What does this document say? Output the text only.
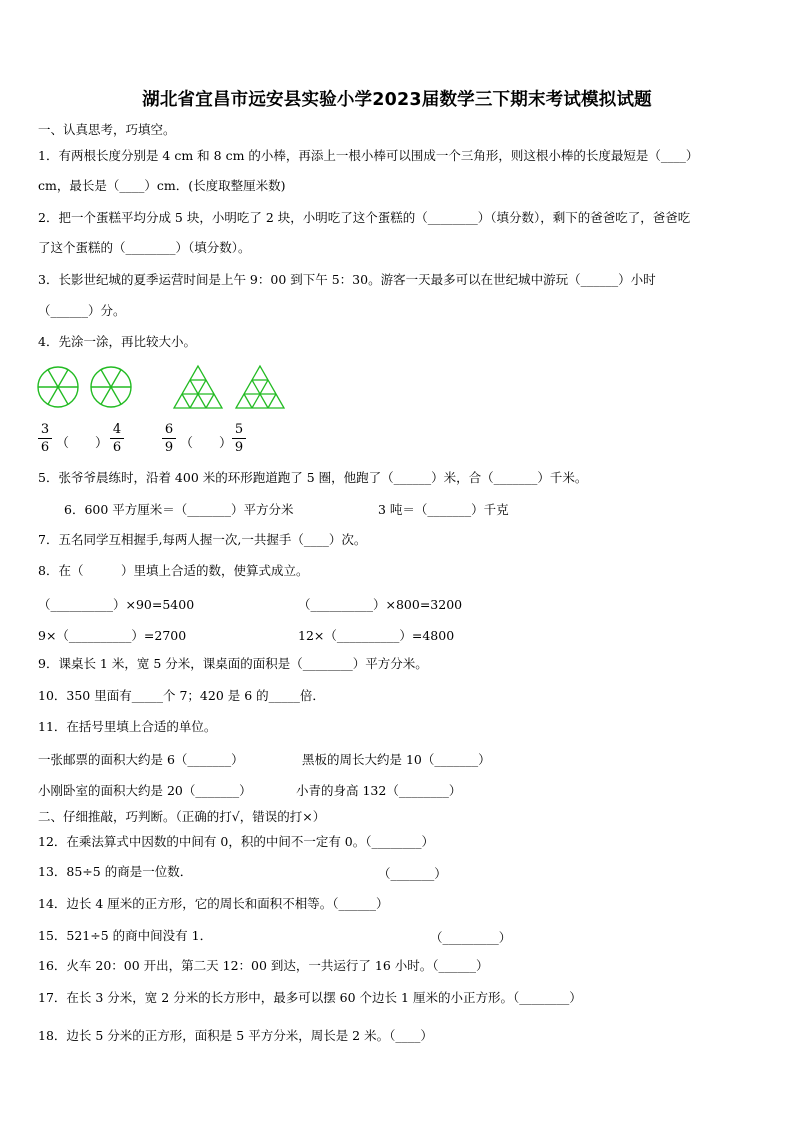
湖北省宜昌市远安县实验小学2023届数学三下期末考试模拟试题
一、认真思考，巧填空。
1．有两根长度分别是 4 cm 和 8 cm 的小棒，再添上一根小棒可以围成一个三角形，则这根小棒的长度最短是（____）
cm，最长是（____）cm．(长度取整厘米数)
2．把一个蛋糕平均分成 5 块，小明吃了 2 块，小明吃了这个蛋糕的（________）（填分数），剩下的爸爸吃了，爸爸吃
了这个蛋糕的（________）（填分数）。
3．长影世纪城的夏季运营时间是上午 9：00 到下午 5：30。游客一天最多可以在世纪城中游玩（______）小时
（______）分。
4．先涂一涂，再比较大小。
3
6 （　　）
4
6
6
9 （　　）
5
9
5．张爷爷晨练时，沿着 400 米的环形跑道跑了 5 圈，他跑了（______）米，合（_______）千米。
6．600 平方厘米＝（_______）平方分米	3 吨＝（_______）千克
7．五名同学互相握手,每两人握一次,一共握手（____）次。
8．在（　　　）里填上合适的数，使算式成立。
（__________）×90=5400	（__________）×800=3200
9×（__________）=2700	12×（__________）=4800
9．课桌长 1 米，宽 5 分米，课桌面的面积是（________）平方分米。
10．350 里面有_____个 7；420 是 6 的_____倍．
11．在括号里填上合适的单位。
一张邮票的面积大约是 6（_______）	黑板的周长大约是 10（_______）
小刚卧室的面积大约是 20（_______）	小青的身高 132（________）
二、仔细推敲，巧判断。（正确的打√，错误的打×）
12．在乘法算式中因数的中间有 0，积的中间不一定有 0。（________）
13．85÷5 的商是一位数．	（_______）
14．边长 4 厘米的正方形，它的周长和面积不相等。（______）
15．521÷5 的商中间没有 1．	（_________）
16．火车 20：00 开出，第二天 12：00 到达，一共运行了 16 小时。（______）
17．在长 3 分米，宽 2 分米的长方形中，最多可以摆 60 个边长 1 厘米的小正方形。（________）
18．边长 5 分米的正方形，面积是 5 平方分米，周长是 2 米。（____）
